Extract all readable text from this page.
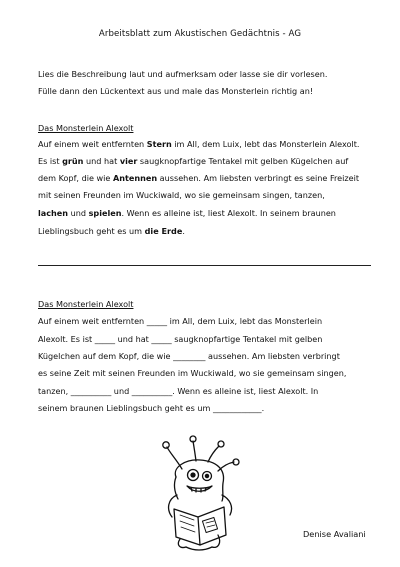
Arbeitsblatt zum Akustischen Gedächtnis - AG
Lies die Beschreibung laut und aufmerksam oder lasse sie dir vorlesen.
Fülle dann den Lückentext aus und male das Monsterlein richtig an!
Das Monsterlein Alexolt
Auf einem weit entfernten Stern im All, dem Luix, lebt das Monsterlein Alexolt.
Es ist grün und hat vier saugknopfartige Tentakel mit gelben Kügelchen auf
dem Kopf, die wie Antennen aussehen. Am liebsten verbringt es seine Freizeit
mit seinen Freunden im Wuckiwald, wo sie gemeinsam singen, tanzen,
lachen und spielen. Wenn es alleine ist, liest Alexolt. In seinem braunen
Lieblingsbuch geht es um die Erde.
Das Monsterlein Alexolt
Auf einem weit entfernten _____ im All, dem Luix, lebt das Monsterlein
Alexolt. Es ist _____ und hat _____ saugknopfartige Tentakel mit gelben
Kügelchen auf dem Kopf, die wie ________ aussehen. Am liebsten verbringt
es seine Zeit mit seinen Freunden im Wuckiwald, wo sie gemeinsam singen,
tanzen, __________ und __________. Wenn es alleine ist, liest Alexolt. In
seinem braunen Lieblingsbuch geht es um ____________.
Denise Avaliani
